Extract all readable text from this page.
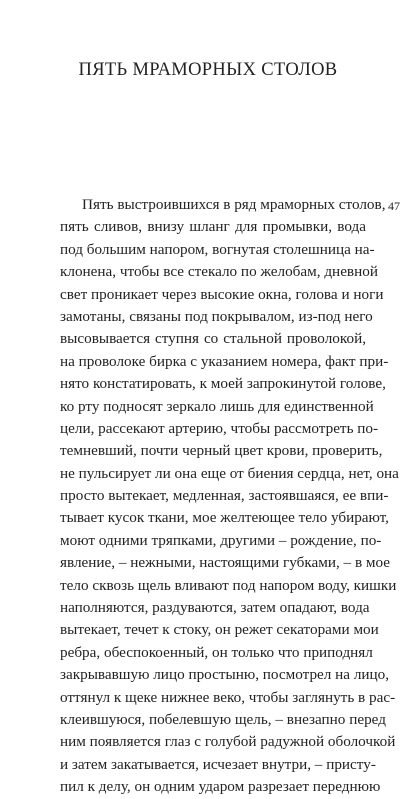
ПЯТЬ МРАМОРНЫХ СТОЛОВ
47
Пять выстроившихся в ряд мраморных столов,
пять сливов, внизу шланг для промывки, вода
под большим напором, вогнутая столешница на-
клонена, чтобы все стекало по желобам, дневной
свет проникает через высокие окна, голова и ноги
замотаны, связаны под покрывалом, из-под него
высовывается ступня со стальной проволокой,
на проволоке бирка с указанием номера, факт при-
нято констатировать, к моей запрокинутой голове,
ко рту подносят зеркало лишь для единственной
цели, рассекают артерию, чтобы рассмотреть по-
темневший, почти черный цвет крови, проверить,
не пульсирует ли она еще от биения сердца, нет, она
просто вытекает, медленная, застоявшаяся, ее впи-
тывает кусок ткани, мое желтеющее тело убирают,
моют одними тряпками, другими – рождение, по-
явление, – нежными, настоящими губками, – в мое
тело сквозь щель вливают под напором воду, кишки
наполняются, раздуваются, затем опадают, вода
вытекает, течет к стоку, он режет секаторами мои
ребра, обеспокоенный, он только что приподнял
закрывавшую лицо простыню, посмотрел на лицо,
оттянул к щеке нижнее веко, чтобы заглянуть в рас-
клеившуюся, побелевшую щель, – внезапно перед
ним появляется глаз с голубой радужной оболочкой
и затем закатывается, исчезает внутри, – присту-
пил к делу, он одним ударом разрезает переднюю
